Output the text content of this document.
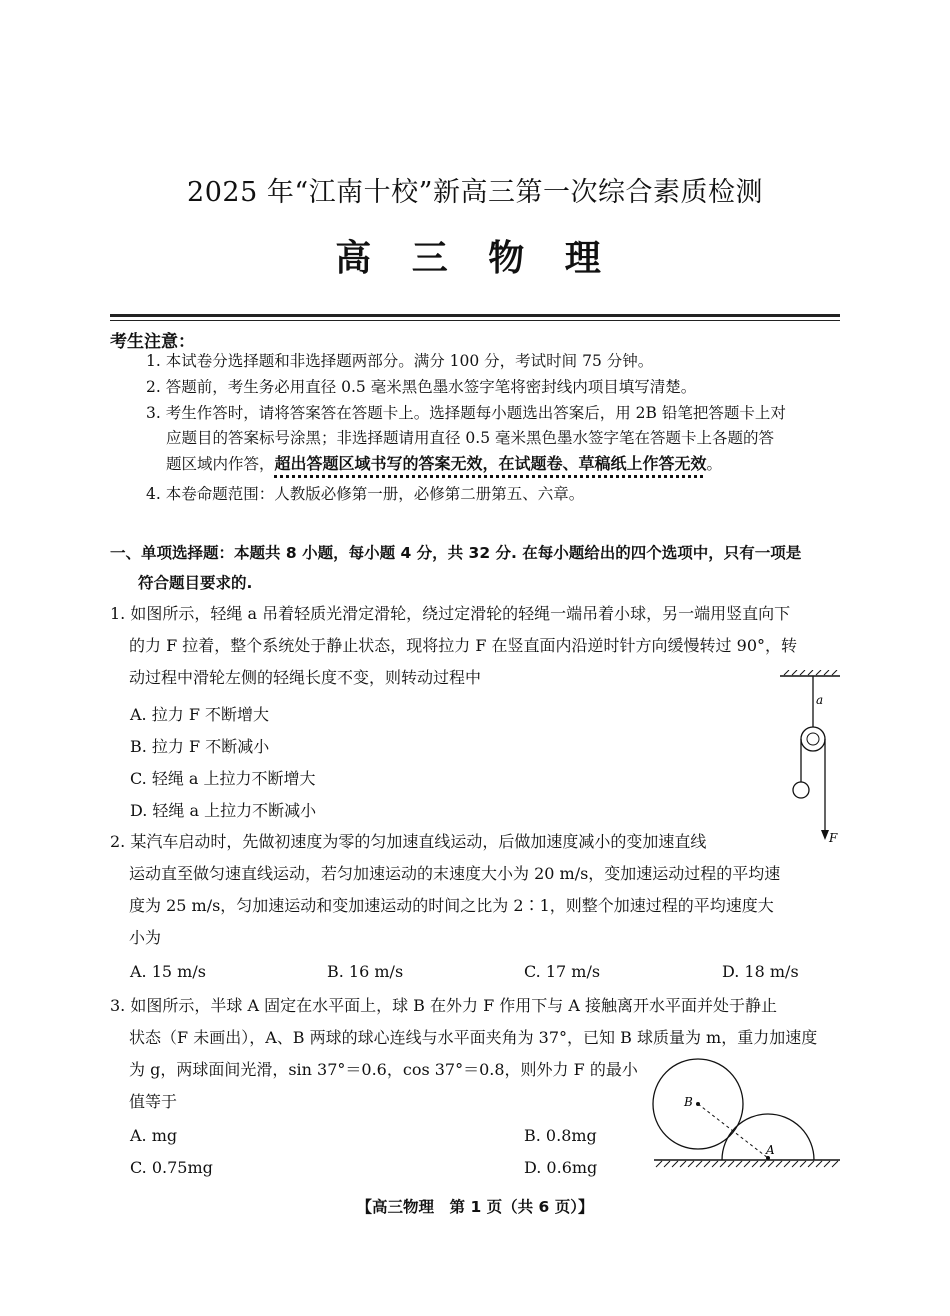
2025 年“江南十校”新高三第一次综合素质检测
高 三 物 理
考生注意：
1. 本试卷分选择题和非选择题两部分。满分 100 分，考试时间 75 分钟。
2. 答题前，考生务必用直径 0.5 毫米黑色墨水签字笔将密封线内项目填写清楚。
3. 考生作答时，请将答案答在答题卡上。选择题每小题选出答案后，用 2B 铅笔把答题卡上对
应题目的答案标号涂黑；非选择题请用直径 0.5 毫米黑色墨水签字笔在答题卡上各题的答
题区域内作答，超出答题区域书写的答案无效，在试题卷、草稿纸上作答无效。
4. 本卷命题范围：人教版必修第一册，必修第二册第五、六章。
一、单项选择题：本题共 8 小题，每小题 4 分，共 32 分. 在每小题给出的四个选项中，只有一项是
符合题目要求的.
1. 如图所示，轻绳 a 吊着轻质光滑定滑轮，绕过定滑轮的轻绳一端吊着小球，另一端用竖直向下
的力 F 拉着，整个系统处于静止状态，现将拉力 F 在竖直面内沿逆时针方向缓慢转过 90°，转
动过程中滑轮左侧的轻绳长度不变，则转动过程中
A. 拉力 F 不断增大
B. 拉力 F 不断减小
C. 轻绳 a 上拉力不断增大
D. 轻绳 a 上拉力不断减小
a
F
2. 某汽车启动时，先做初速度为零的匀加速直线运动，后做加速度减小的变加速直线
运动直至做匀速直线运动，若匀加速运动的末速度大小为 20 m/s，变加速运动过程的平均速
度为 25 m/s，匀加速运动和变加速运动的时间之比为 2∶1，则整个加速过程的平均速度大
小为
A. 15 m/s	B. 16 m/s	C. 17 m/s	D. 18 m/s
3. 如图所示，半球 A 固定在水平面上，球 B 在外力 F 作用下与 A 接触离开水平面并处于静止
状态（F 未画出），A、B 两球的球心连线与水平面夹角为 37°，已知 B 球质量为 m，重力加速度
为 g，两球面间光滑，sin 37°＝0.6，cos 37°＝0.8，则外力 F 的最小
值等于
A. mg	B. 0.8mg
C. 0.75mg	D. 0.6mg
B
A
【高三物理　第 1 页（共 6 页）】
